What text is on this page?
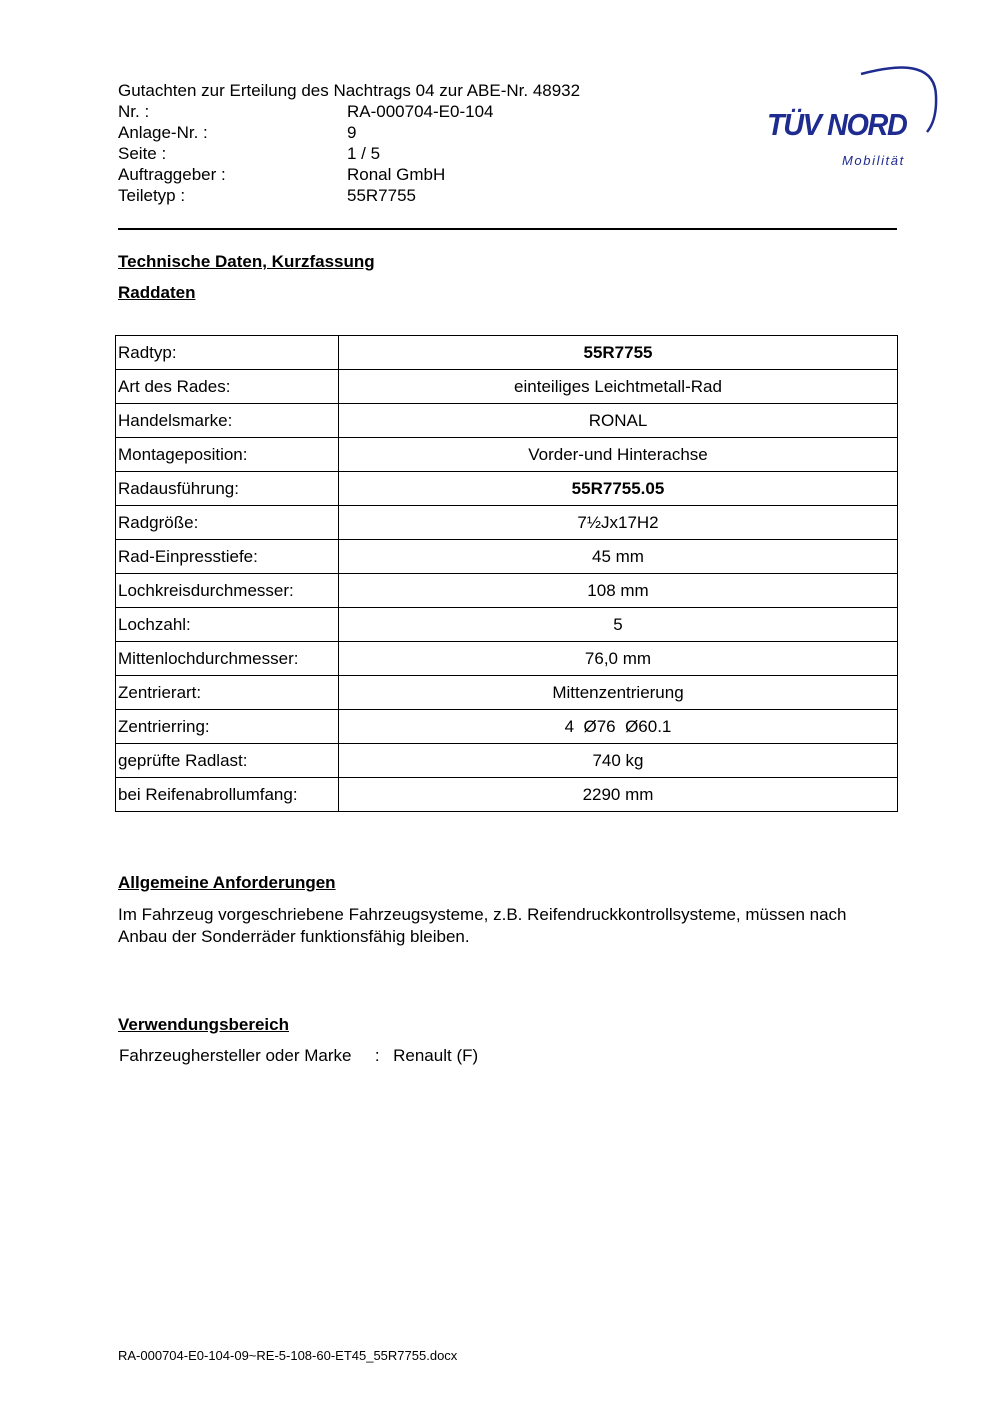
Gutachten zur Erteilung des Nachtrags 04 zur ABE-Nr. 48932
Nr. :	RA-000704-E0-104
Anlage-Nr. :	9
Seite :	1 / 5
Auftraggeber :	Ronal GmbH
Teiletyp :	55R7755
TÜV NORD
Mobilität
Technische Daten, Kurzfassung
Raddaten
Radtyp:	55R7755
Art des Rades:	einteiliges Leichtmetall-Rad
Handelsmarke:	RONAL
Montageposition:	Vorder-und Hinterachse
Radausführung:	55R7755.05
Radgröße:	7½Jx17H2
Rad-Einpresstiefe:	45 mm
Lochkreisdurchmesser:	108 mm
Lochzahl:	5
Mittenlochdurchmesser:	76,0 mm
Zentrierart:	Mittenzentrierung
Zentrierring:	4  Ø76  Ø60.1
geprüfte Radlast:	740 kg
bei Reifenabrollumfang:	2290 mm
Allgemeine Anforderungen
Im Fahrzeug vorgeschriebene Fahrzeugsysteme, z.B. Reifendruckkontrollsysteme, müssen nach Anbau der Sonderräder funktionsfähig bleiben.
Verwendungsbereich
Fahrzeughersteller oder Marke : Renault (F)
RA-000704-E0-104-09~RE-5-108-60-ET45_55R7755.docx
